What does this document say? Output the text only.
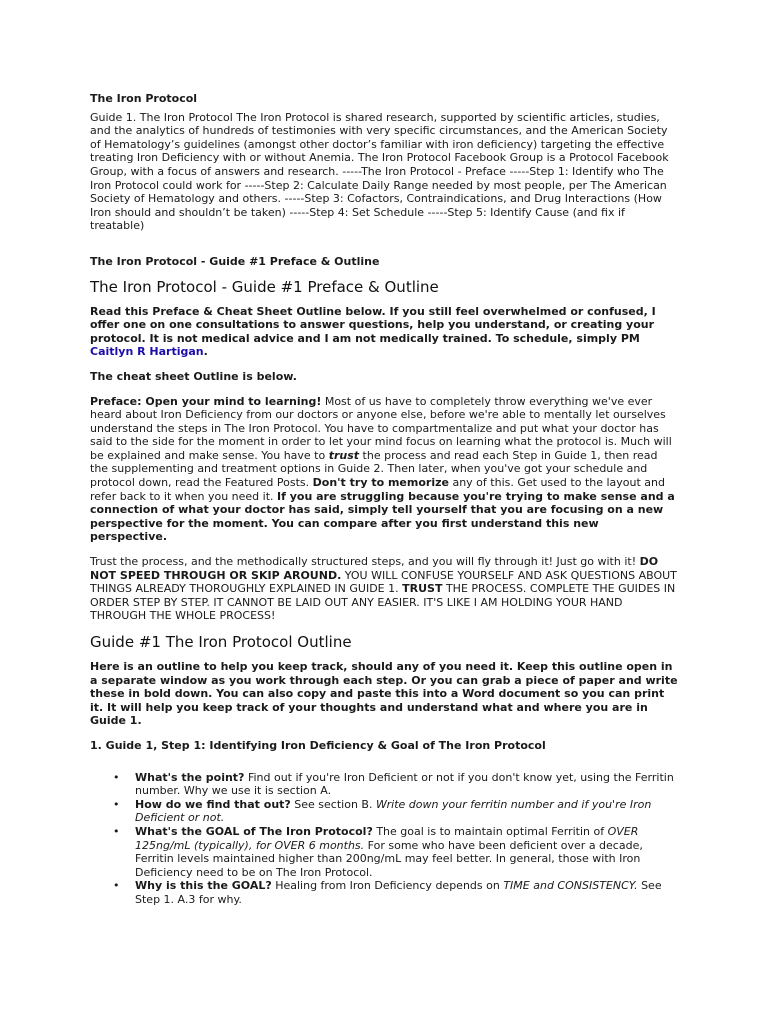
The Iron Protocol

Guide 1. The Iron Protocol The Iron Protocol is shared research, supported by scientific articles, studies, and the analytics of hundreds of testimonies with very specific circumstances, and the American Society of Hematology’s guidelines (amongst other doctor’s familiar with iron deficiency) targeting the effective treating Iron Deficiency with or without Anemia. The Iron Protocol Facebook Group is a Protocol Facebook Group, with a focus of answers and research. -----The Iron Protocol - Preface -----Step 1: Identify who The Iron Protocol could work for -----Step 2: Calculate Daily Range needed by most people, per The American Society of Hematology and others. -----Step 3: Cofactors, Contraindications, and Drug Interactions (How Iron should and shouldn’t be taken) -----Step 4: Set Schedule -----Step 5: Identify Cause (and fix if treatable)

The Iron Protocol - Guide #1 Preface & Outline

The Iron Protocol - Guide #1 Preface & Outline

Read this Preface & Cheat Sheet Outline below. If you still feel overwhelmed or confused, I offer one on one consultations to answer questions, help you understand, or creating your protocol. It is not medical advice and I am not medically trained. To schedule, simply PM Caitlyn R Hartigan.

The cheat sheet Outline is below.

Preface: Open your mind to learning! Most of us have to completely throw everything we've ever heard about Iron Deficiency from our doctors or anyone else, before we're able to mentally let ourselves understand the steps in The Iron Protocol. You have to compartmentalize and put what your doctor has said to the side for the moment in order to let your mind focus on learning what the protocol is. Much will be explained and make sense. You have to trust the process and read each Step in Guide 1, then read the supplementing and treatment options in Guide 2. Then later, when you've got your schedule and protocol down, read the Featured Posts. Don't try to memorize any of this. Get used to the layout and refer back to it when you need it. If you are struggling because you're trying to make sense and a connection of what your doctor has said, simply tell yourself that you are focusing on a new perspective for the moment. You can compare after you first understand this new perspective.

Trust the process, and the methodically structured steps, and you will fly through it! Just go with it! DO NOT SPEED THROUGH OR SKIP AROUND. YOU WILL CONFUSE YOURSELF AND ASK QUESTIONS ABOUT THINGS ALREADY THOROUGHLY EXPLAINED IN GUIDE 1. TRUST THE PROCESS. COMPLETE THE GUIDES IN ORDER STEP BY STEP. IT CANNOT BE LAID OUT ANY EASIER. IT'S LIKE I AM HOLDING YOUR HAND THROUGH THE WHOLE PROCESS!

Guide #1 The Iron Protocol Outline

Here is an outline to help you keep track, should any of you need it. Keep this outline open in a separate window as you work through each step. Or you can grab a piece of paper and write these in bold down. You can also copy and paste this into a Word document so you can print it. It will help you keep track of your thoughts and understand what and where you are in Guide 1.

1. Guide 1, Step 1: Identifying Iron Deficiency & Goal of The Iron Protocol

• What's the point? Find out if you're Iron Deficient or not if you don't know yet, using the Ferritin number. Why we use it is section A.
• How do we find that out? See section B. Write down your ferritin number and if you're Iron Deficient or not.
• What's the GOAL of The Iron Protocol? The goal is to maintain optimal Ferritin of OVER 125ng/mL (typically), for OVER 6 months. For some who have been deficient over a decade, Ferritin levels maintained higher than 200ng/mL may feel better. In general, those with Iron Deficiency need to be on The Iron Protocol.
• Why is this the GOAL? Healing from Iron Deficiency depends on TIME and CONSISTENCY. See Step 1. A.3 for why.
